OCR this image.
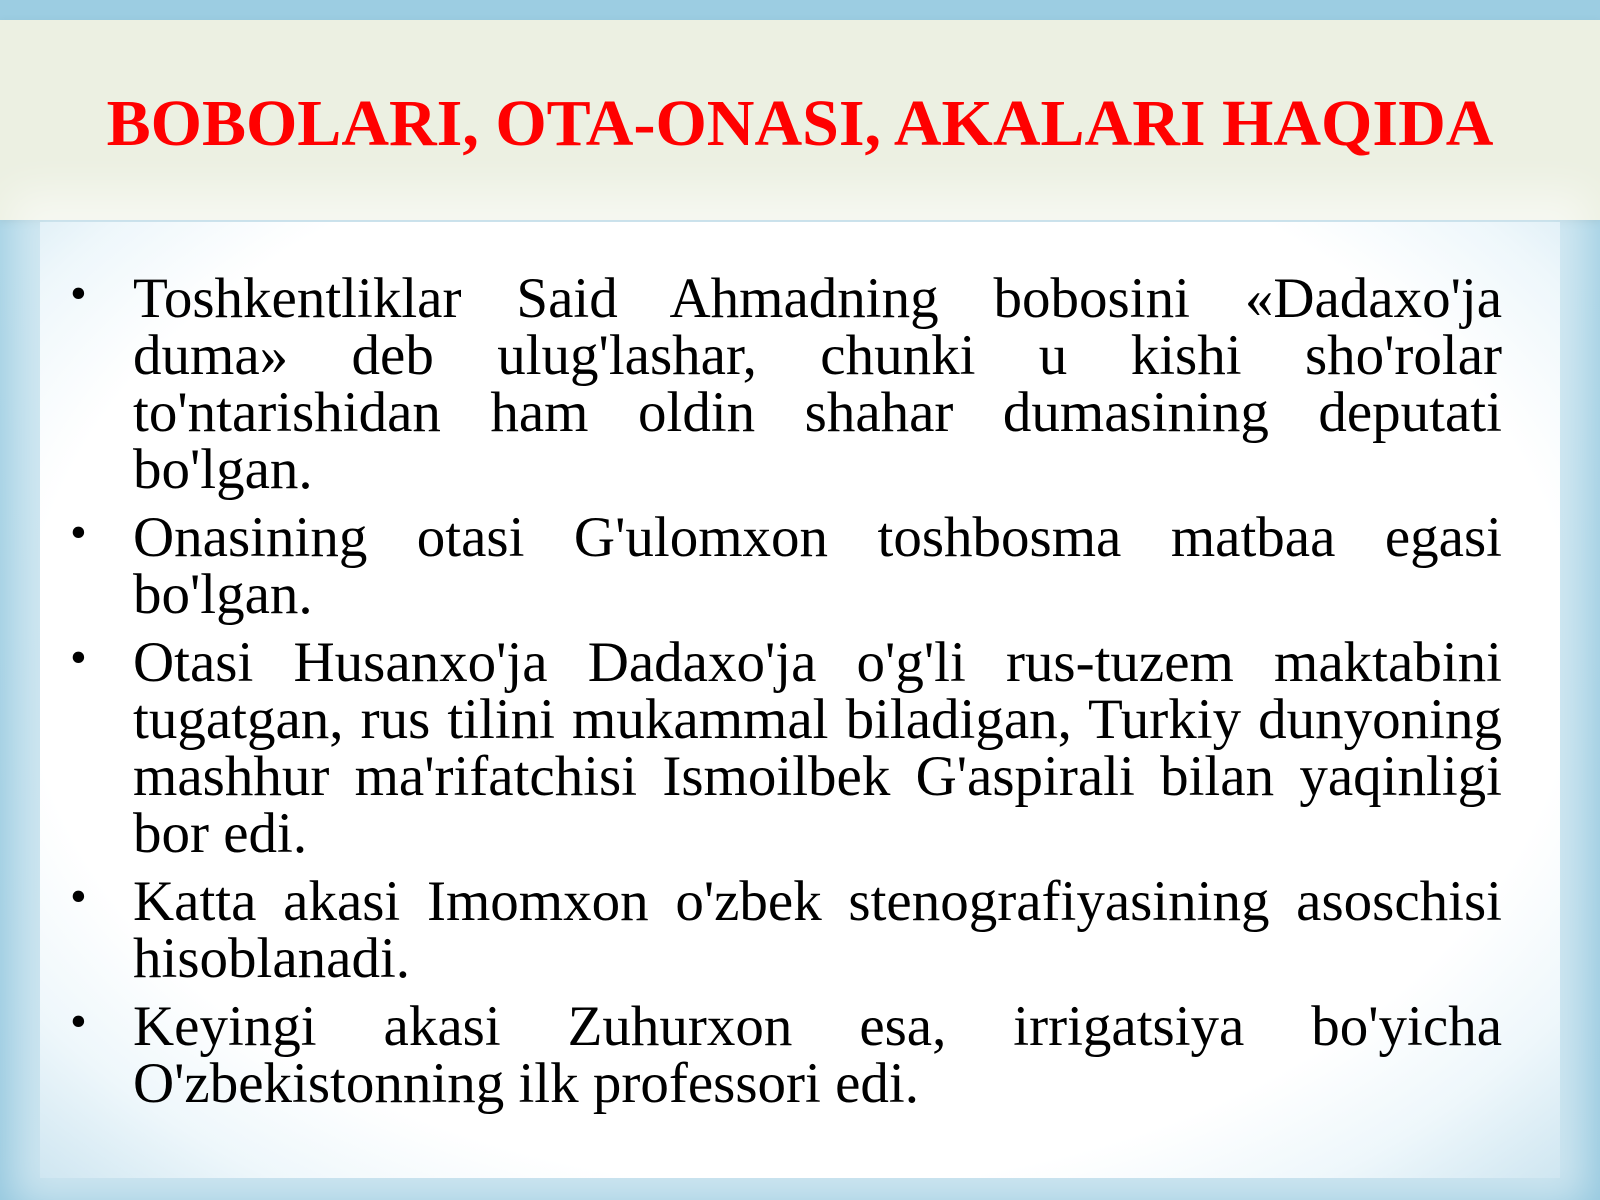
BOBOLARI, OTA-ONASI, AKALARI HAQIDA
• Toshkentliklar Said Ahmadning bobosini «Dadaxo'ja duma» deb ulug'lashar, chunki u kishi sho'rolar to'ntarishidan ham oldin shahar dumasining deputati bo'lgan.
• Onasining otasi G'ulomxon toshbosma matbaa egasi bo'lgan.
• Otasi Husanxo'ja Dadaxo'ja o'g'li rus-tuzem maktabini tugatgan, rus tilini mukammal biladigan, Turkiy dunyoning mashhur ma'rifatchisi Ismoilbek G'aspirali bilan yaqinligi bor edi.
• Katta akasi Imomxon o'zbek stenografiyasining asoschisi hisoblanadi.
• Keyingi akasi Zuhurxon esa, irrigatsiya bo'yicha O'zbekistonning ilk professori edi.
